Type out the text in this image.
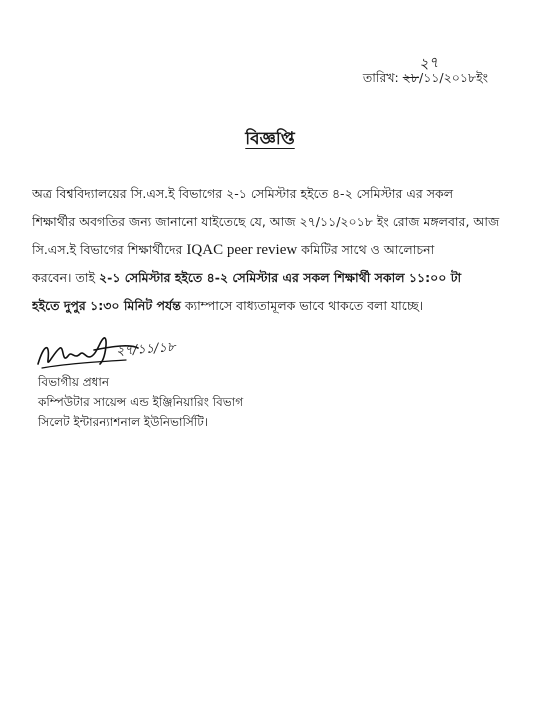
তারিখ: ২৮/১১/২০১৮ইং
২৭
বিজ্ঞপ্তি
অত্র বিশ্ববিদ্যালয়ের সি.এস.ই বিভাগের ২-১ সেমিস্টার হইতে ৪-২ সেমিস্টার এর সকল
শিক্ষার্থীর অবগতির জন্য জানানো যাইতেছে যে, আজ ২৭/১১/২০১৮ ইং রোজ মঙ্গলবার, আজ
সি.এস.ই বিভাগের শিক্ষার্থীদের IQAC peer review কমিটির সাথে ও আলোচনা
করবেন। তাই ২-১ সেমিস্টার হইতে ৪-২ সেমিস্টার এর সকল শিক্ষার্থী সকাল ১১:০০ টা
হইতে দুপুর ১:৩০ মিনিট পর্যন্ত ক্যাম্পাসে বাধ্যতামূলক ভাবে থাকতে বলা যাচ্ছে।
২৭/১১/১৮
বিভাগীয় প্রধান
কম্পিউটার সায়েন্স এন্ড ইঞ্জিনিয়ারিং বিভাগ
সিলেট ইন্টারন্যাশনাল ইউনিভার্সিটি।
